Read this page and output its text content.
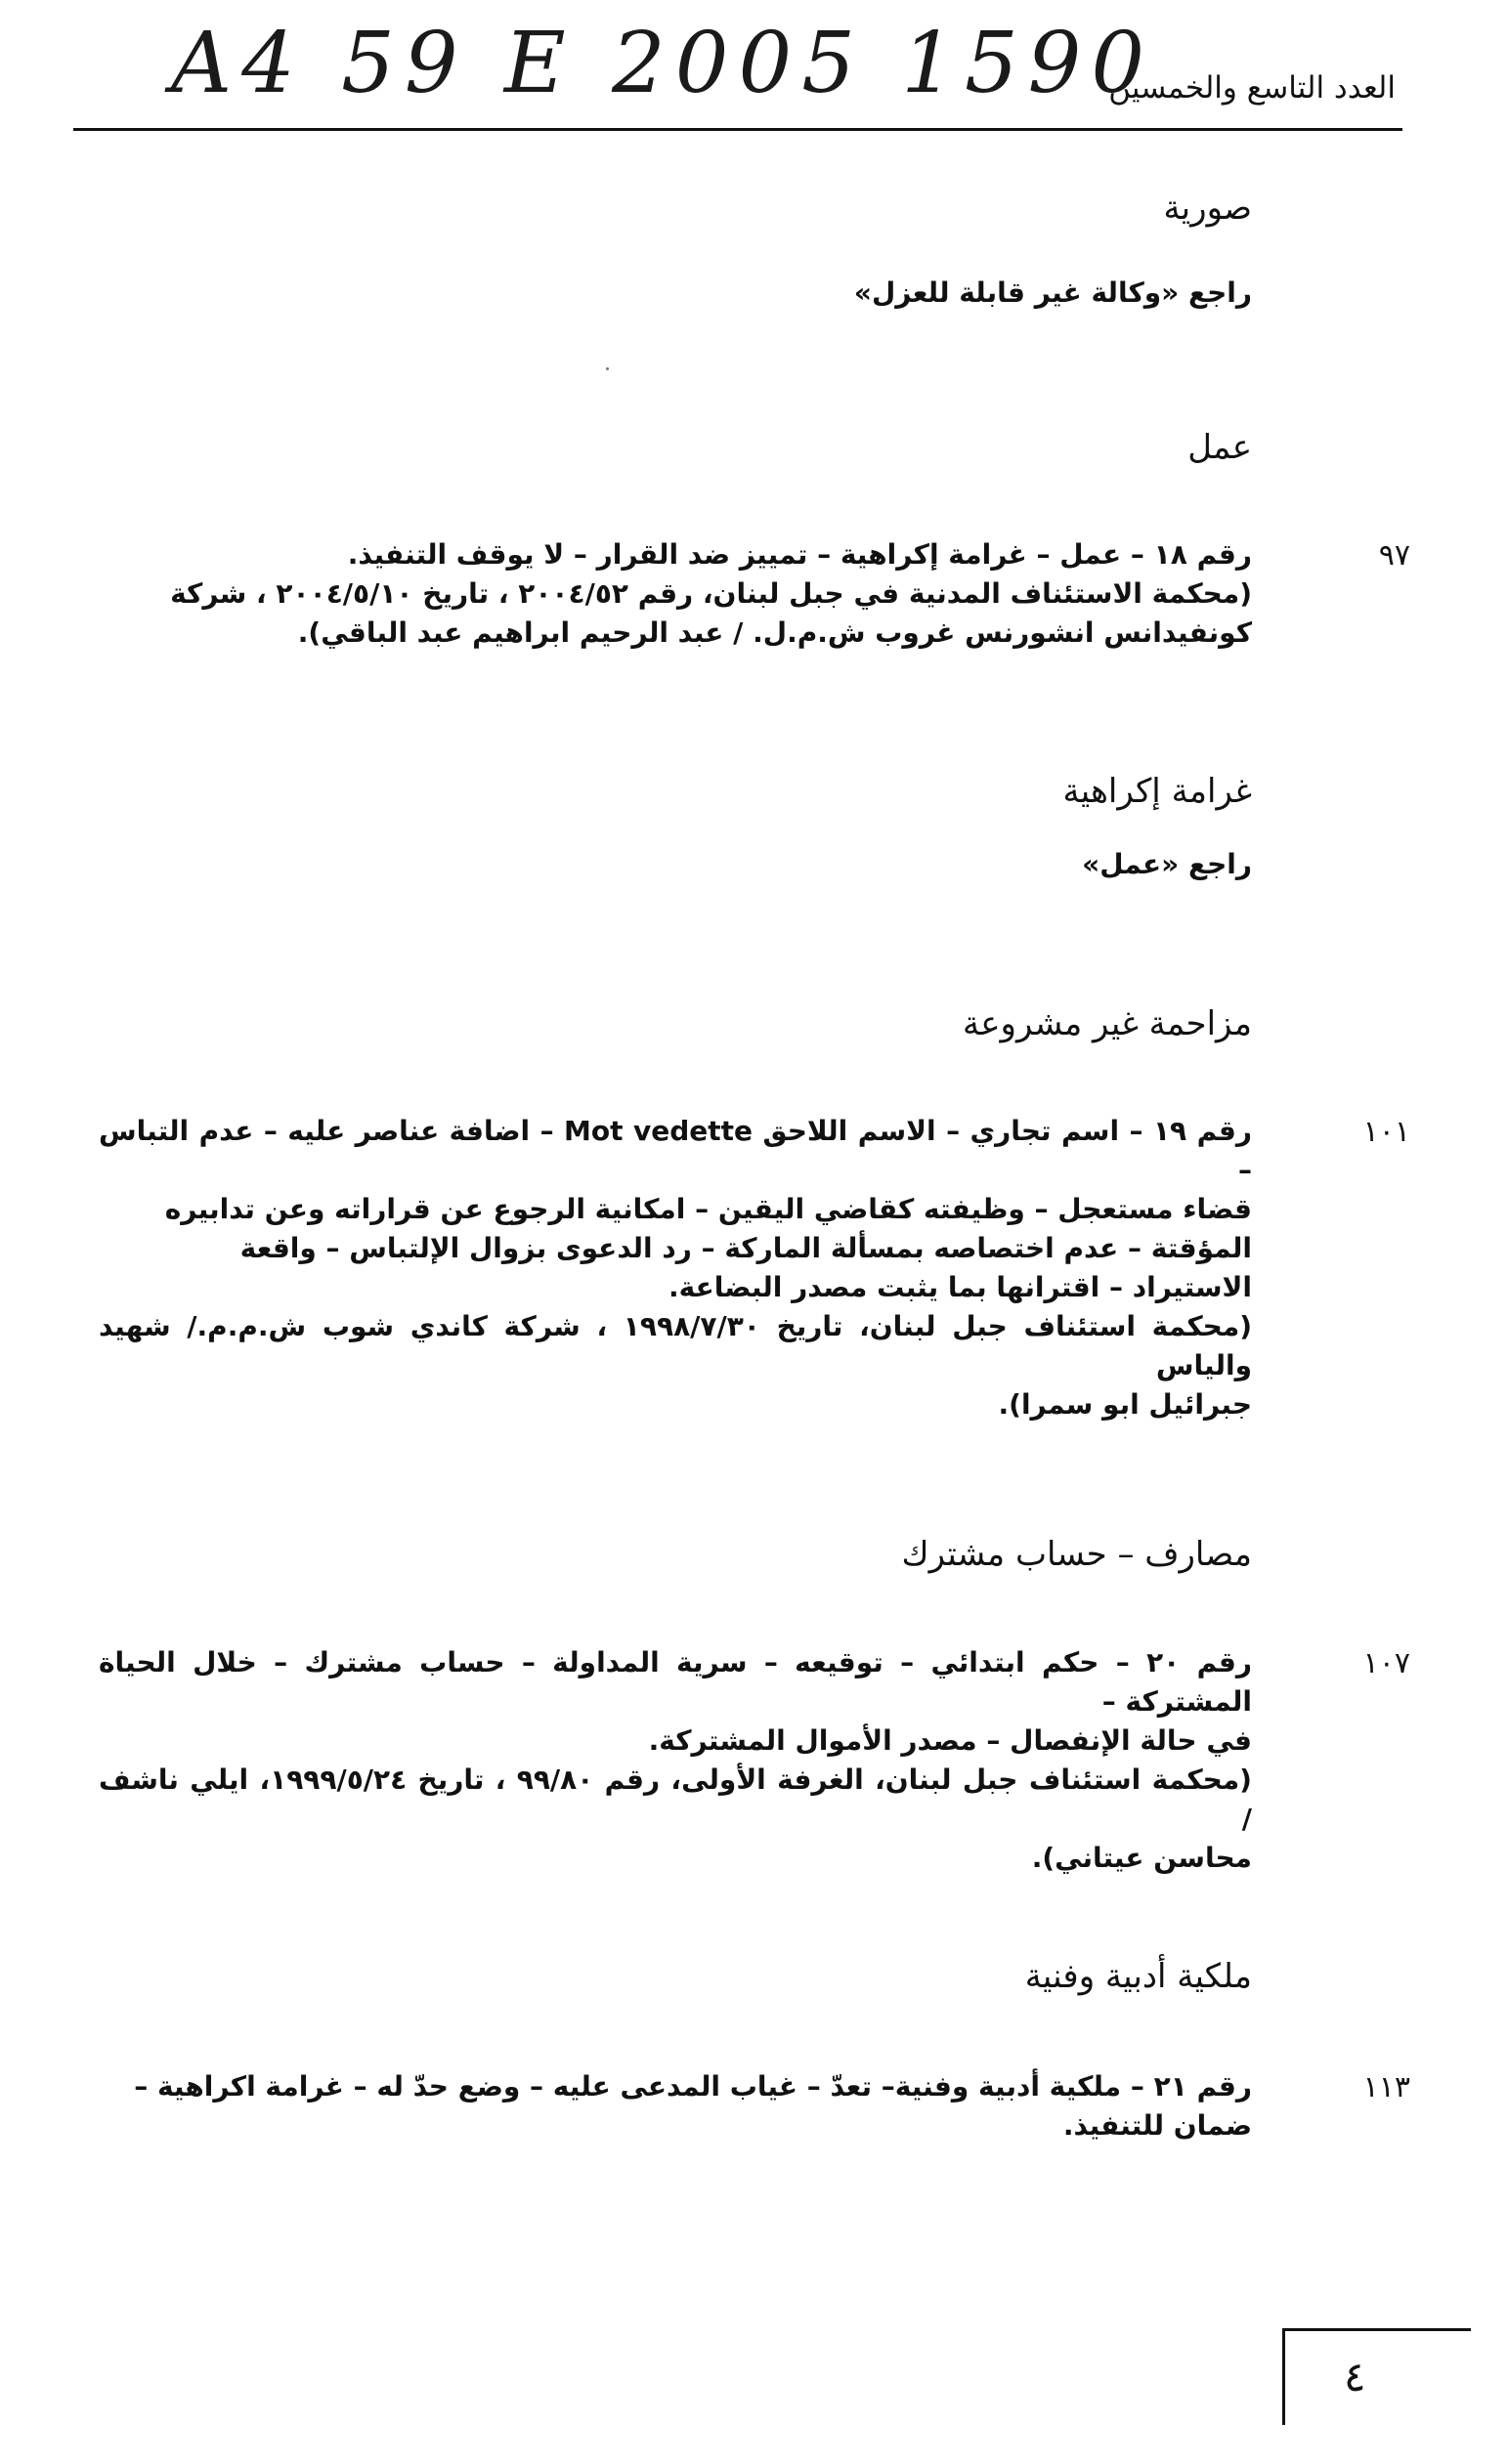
A4 59 E 2005 1590
العدد التاسع والخمسين
صورية
راجع «وكالة غير قابلة للعزل»
عمل
٩٧

رقم ١٨ – عمل – غرامة إكراهية – تمييز ضد القرار – لا يوقف التنفيذ.

(محكمة الاستئناف المدنية في جبل لبنان، رقم ٢٠٠٤/٥٢ ، تاريخ ٢٠٠٤/٥/١٠ ، شركة

كونفيدانس انشورنس غروب ش.م.ل. / عبد الرحيم ابراهيم عبد الباقي).

غرامة إكراهية
راجع «عمل»
مزاحمة غير مشروعة
١٠١

رقم ١٩ – اسم تجاري – الاسم اللاحق Mot vedette – اضافة عناصر عليه – عدم التباس –

قضاء مستعجل – وظيفته كقاضي اليقين – امكانية الرجوع عن قراراته وعن تدابيره

المؤقتة – عدم اختصاصه بمسألة الماركة – رد الدعوى بزوال الإلتباس – واقعة

الاستيراد – اقترانها بما يثبت مصدر البضاعة.

(محكمة استئناف جبل لبنان، تاريخ ١٩٩٨/٧/٣٠ ، شركة كاندي شوب ش.م.م./ شهيد والياس

جبرائيل ابو سمرا).

مصارف – حساب مشترك
١٠٧

رقم ٢٠ – حكم ابتدائي – توقيعه – سرية المداولة – حساب مشترك – خلال الحياة المشتركة –

في حالة الإنفصال – مصدر الأموال المشتركة.

(محكمة استئناف جبل لبنان، الغرفة الأولى، رقم ٩٩/٨٠ ، تاريخ ١٩٩٩/٥/٢٤، ايلي ناشف /

محاسن عيتاني).

ملكية أدبية وفنية
١١٣

رقم ٢١ – ملكية أدبية وفنية– تعدّ – غياب المدعى عليه – وضع حدّ له – غرامة اكراهية –

ضمان للتنفيذ.

٤
